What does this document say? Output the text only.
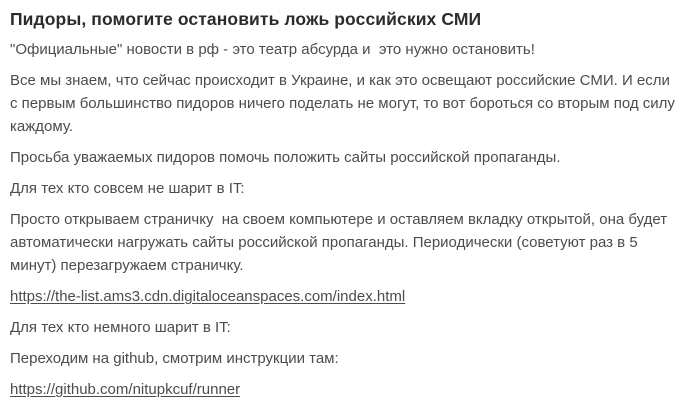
Пидоры, помогите остановить ложь российских СМИ

"Официальные" новости в рф - это театр абсурда и  это нужно остановить!

Все мы знаем, что сейчас происходит в Украине, и как это освещают российские СМИ. И если с первым большинство пидоров ничего поделать не могут, то вот бороться со вторым под силу каждому.

Просьба уважаемых пидоров помочь положить сайты российской пропаганды.

Для тех кто совсем не шарит в IT:

Просто открываем страничку  на своем компьютере и оставляем вкладку открытой, она будет автоматически нагружать сайты российской пропаганды. Периодически (советуют раз в 5 минут) перезагружаем страничку.

https://the-list.ams3.cdn.digitaloceanspaces.com/index.html

Для тех кто немного шарит в IT:

Переходим на github, смотрим инструкции там:

https://github.com/nitupkcuf/runner
